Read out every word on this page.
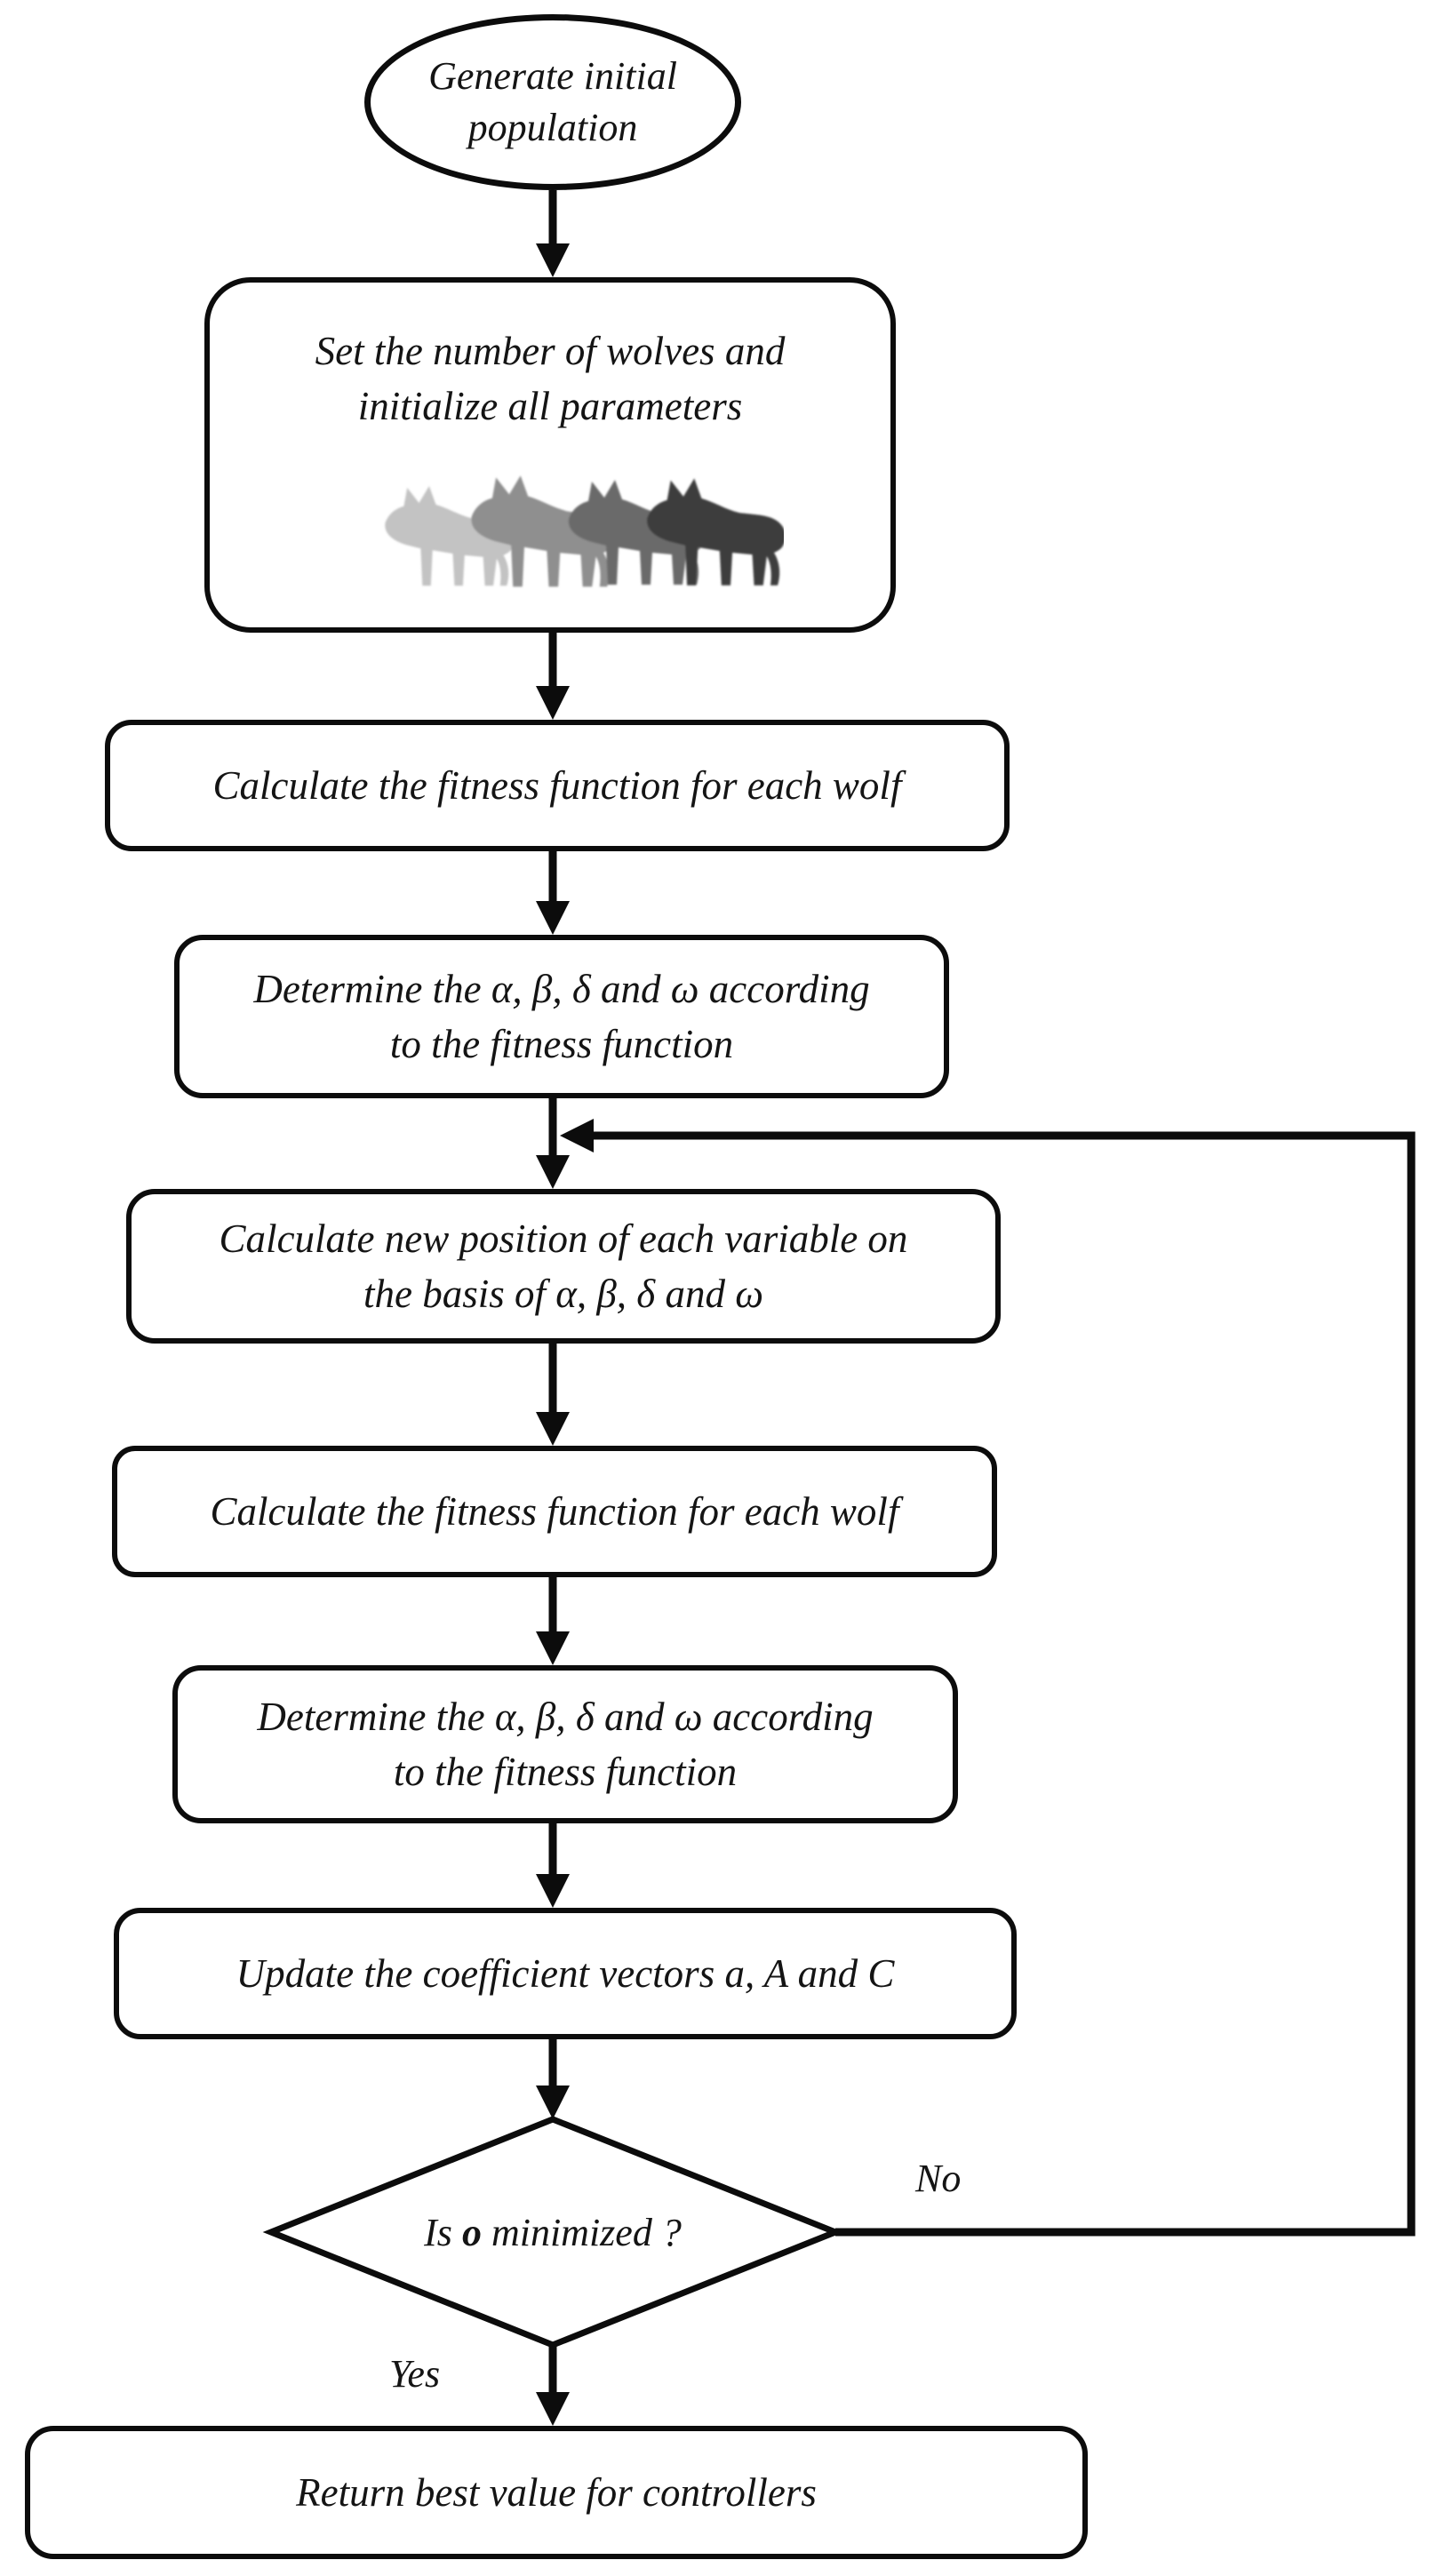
Generate initial
population
Set the number of wolves and
initialize all parameters
Calculate the fitness function for each wolf
Determine the α, β, δ and ω according
to the fitness function
Calculate new position of each variable on
the basis of α, β, δ and ω
Calculate the fitness function for each wolf
Determine the α, β, δ and ω according
to the fitness function
Update the coefficient vectors a, A and C
Is o minimized ?
No
Yes
Return best value for controllers
